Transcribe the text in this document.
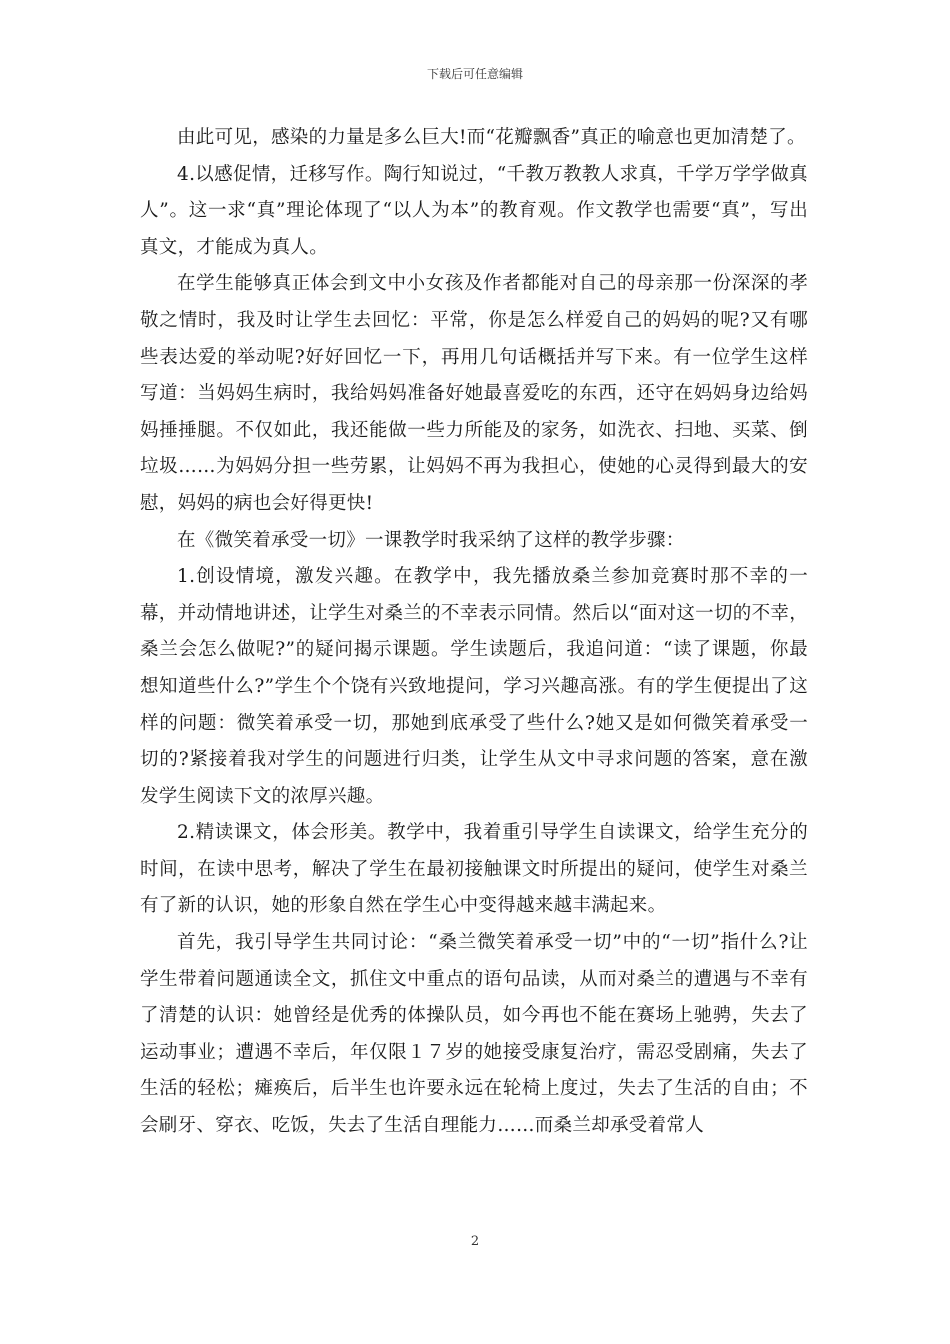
下载后可任意编辑

由此可见，感染的力量是多么巨大!而“花瓣飘香”真正的喻意也更加清楚了。

4.以感促情，迁移写作。陶行知说过，“千教万教教人求真，千学万学学做真人”。这一求“真”理论体现了“以人为本”的教育观。作文教学也需要“真”，写出真文，才能成为真人。

在学生能够真正体会到文中小女孩及作者都能对自己的母亲那一份深深的孝敬之情时，我及时让学生去回忆：平常，你是怎么样爱自己的妈妈的呢?又有哪些表达爱的举动呢?好好回忆一下，再用几句话概括并写下来。有一位学生这样写道：当妈妈生病时，我给妈妈准备好她最喜爱吃的东西，还守在妈妈身边给妈妈捶捶腿。不仅如此，我还能做一些力所能及的家务，如洗衣、扫地、买菜、倒垃圾……为妈妈分担一些劳累，让妈妈不再为我担心，使她的心灵得到最大的安慰，妈妈的病也会好得更快!

在《微笑着承受一切》一课教学时我采纳了这样的教学步骤：

1.创设情境，激发兴趣。在教学中，我先播放桑兰参加竞赛时那不幸的一幕，并动情地讲述，让学生对桑兰的不幸表示同情。然后以“面对这一切的不幸，桑兰会怎么做呢?”的疑问揭示课题。学生读题后，我追问道：“读了课题，你最想知道些什么?”学生个个饶有兴致地提问，学习兴趣高涨。有的学生便提出了这样的问题：微笑着承受一切，那她到底承受了些什么?她又是如何微笑着承受一切的?紧接着我对学生的问题进行归类，让学生从文中寻求问题的答案，意在激发学生阅读下文的浓厚兴趣。

2.精读课文，体会形美。教学中，我着重引导学生自读课文，给学生充分的时间，在读中思考，解决了学生在最初接触课文时所提出的疑问，使学生对桑兰有了新的认识，她的形象自然在学生心中变得越来越丰满起来。

首先，我引导学生共同讨论：“桑兰微笑着承受一切”中的“一切”指什么?让学生带着问题通读全文，抓住文中重点的语句品读，从而对桑兰的遭遇与不幸有了清楚的认识：她曾经是优秀的体操队员，如今再也不能在赛场上驰骋，失去了运动事业；遭遇不幸后，年仅限１７岁的她接受康复治疗，需忍受剧痛，失去了生活的轻松；瘫痪后，后半生也许要永远在轮椅上度过，失去了生活的自由；不会刷牙、穿衣、吃饭，失去了生活自理能力……而桑兰却承受着常人

2
